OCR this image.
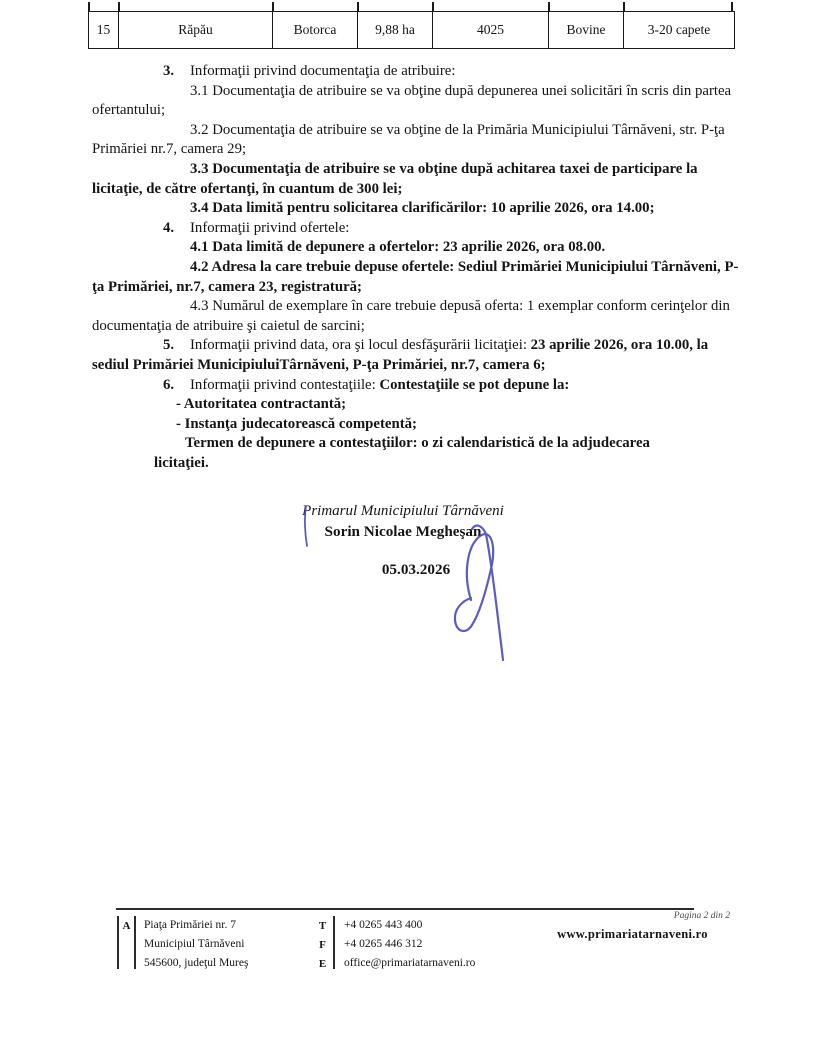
15	Răpău	Botorca	9,88 ha	4025	Bovine	3-20 capete
3. Informaţii privind documentaţia de atribuire:
3.1 Documentaţia de atribuire se va obţine după depunerea unei solicitări în scris din partea
ofertantului;
3.2 Documentaţia de atribuire se va obţine de la Primăria Municipiului Târnăveni, str. P-ţa
Primăriei nr.7, camera 29;
3.3 Documentaţia de atribuire se va obţine după achitarea taxei de participare la
licitaţie, de către ofertanţi, în cuantum de 300 lei;
3.4 Data limită pentru solicitarea clarificărilor: 10 aprilie 2026, ora 14.00;
4. Informaţii privind ofertele:
4.1 Data limită de depunere a ofertelor: 23 aprilie 2026, ora 08.00.
4.2 Adresa la care trebuie depuse ofertele: Sediul Primăriei Municipiului Târnăveni, P-
ţa Primăriei, nr.7, camera 23, registratură;
4.3 Numărul de exemplare în care trebuie depusă oferta: 1 exemplar conform cerinţelor din
documentaţia de atribuire şi caietul de sarcini;
5. Informaţii privind data, ora şi locul desfăşurării licitaţiei: 23 aprilie 2026, ora 10.00, la
sediul Primăriei MunicipiuluiTârnăveni, P-ţa Primăriei, nr.7, camera 6;
6. Informaţii privind contestaţiile: Contestaţiile se pot depune la:
- Autoritatea contractantă;
- Instanţa judecatorească competentă;
Termen de depunere a contestaţiilor: o zi calendaristică de la adjudecarea
licitaţiei.
Primarul Municipiului Târnăveni
Sorin Nicolae Megheşan
05.03.2026
Pagina 2 din 2
A	Piaţa Primăriei nr. 7
Municipiul Târnăveni
545600, judeţul Mureş
T
F
E
+4 0265 443 400
+4 0265 446 312
office@primariatarnaveni.ro
www.primariatarnaveni.ro
